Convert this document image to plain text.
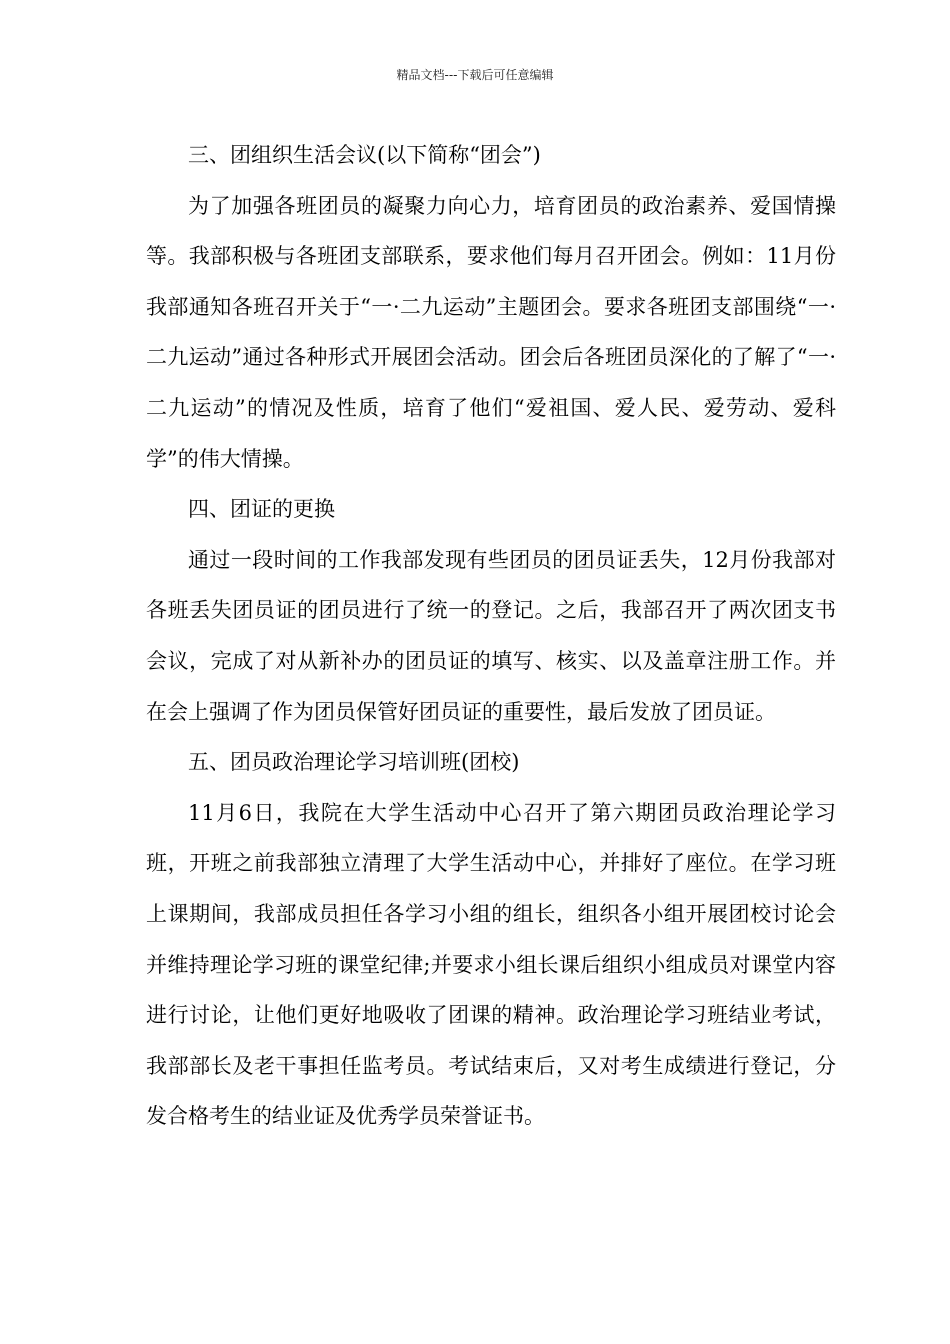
精品文档---下载后可任意编辑

三、团组织生活会议(以下简称“团会”)

为了加强各班团员的凝聚力向心力，培育团员的政治素养、爱国情操等。我部积极与各班团支部联系，要求他们每月召开团会。例如：11月份我部通知各班召开关于“一·二九运动”主题团会。要求各班团支部围绕“一·二九运动”通过各种形式开展团会活动。团会后各班团员深化的了解了“一·二九运动”的情况及性质，培育了他们“爱祖国、爱人民、爱劳动、爱科学”的伟大情操。

四、团证的更换

通过一段时间的工作我部发现有些团员的团员证丢失，12月份我部对各班丢失团员证的团员进行了统一的登记。之后，我部召开了两次团支书会议，完成了对从新补办的团员证的填写、核实、以及盖章注册工作。并在会上强调了作为团员保管好团员证的重要性，最后发放了团员证。

五、团员政治理论学习培训班(团校)

11月6日，我院在大学生活动中心召开了第六期团员政治理论学习班，开班之前我部独立清理了大学生活动中心，并排好了座位。在学习班上课期间，我部成员担任各学习小组的组长，组织各小组开展团校讨论会并维持理论学习班的课堂纪律;并要求小组长课后组织小组成员对课堂内容进行讨论，让他们更好地吸收了团课的精神。政治理论学习班结业考试，我部部长及老干事担任监考员。考试结束后，又对考生成绩进行登记，分发合格考生的结业证及优秀学员荣誉证书。
